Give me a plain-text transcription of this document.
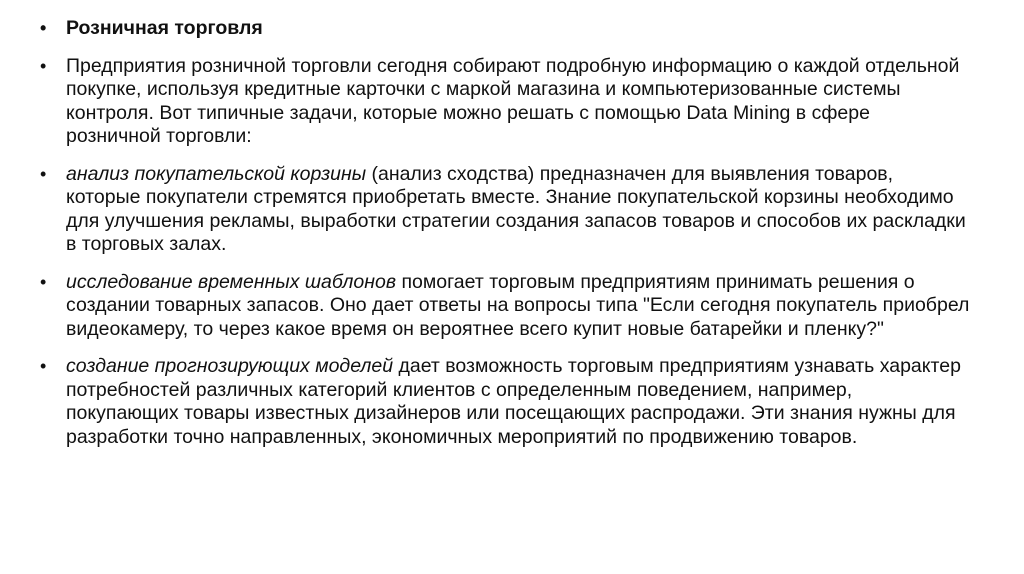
• Розничная торговля
• Предприятия розничной торговли сегодня собирают подробную информацию о каждой отдельной покупке, используя кредитные карточки с маркой магазина и компьютеризованные системы контроля. Вот типичные задачи, которые можно решать с помощью Data Mining в сфере розничной торговли:
• анализ покупательской корзины (анализ сходства) предназначен для выявления товаров, которые покупатели стремятся приобретать вместе. Знание покупательской корзины необходимо для улучшения рекламы, выработки стратегии создания запасов товаров и способов их раскладки в торговых залах.
• исследование временных шаблонов помогает торговым предприятиям принимать решения о создании товарных запасов. Оно дает ответы на вопросы типа "Если сегодня покупатель приобрел видеокамеру, то через какое время он вероятнее всего купит новые батарейки и пленку?"
• создание прогнозирующих моделей дает возможность торговым предприятиям узнавать характер потребностей различных категорий клиентов с определенным поведением, например, покупающих товары известных дизайнеров или посещающих распродажи. Эти знания нужны для разработки точно направленных, экономичных мероприятий по продвижению товаров.
